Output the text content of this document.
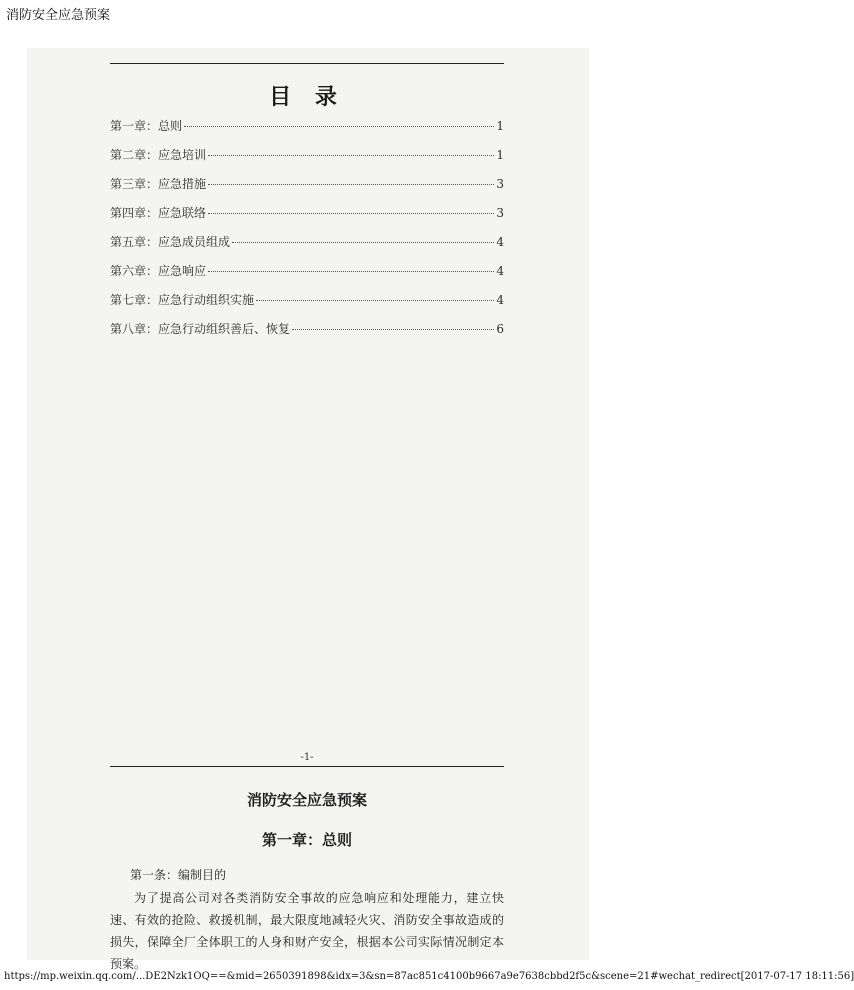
消防安全应急预案
目 录
第一章： 总则	1
第二章： 应急培训	1
第三章： 应急措施	3
第四章： 应急联络	3
第五章： 应急成员组成	4
第六章： 应急响应	4
第七章： 应急行动组织实施	4
第八章： 应急行动组织善后、恢复	6
-1-
消防安全应急预案
第一章：总则
第一条：编制目的
为了提高公司对各类消防安全事故的应急响应和处理能力，建立快速、有效的抢险、救援机制，最大限度地减轻火灾、消防安全事故造成的损失，保障全厂全体职工的人身和财产安全，根据本公司实际情况制定本预案。
https://mp.weixin.qq.com/...DE2Nzk1OQ==&mid=2650391898&idx=3&sn=87ac851c4100b9667a9e7638cbbd2f5c&scene=21#wechat_redirect[2017-07-17 18:11:56]
